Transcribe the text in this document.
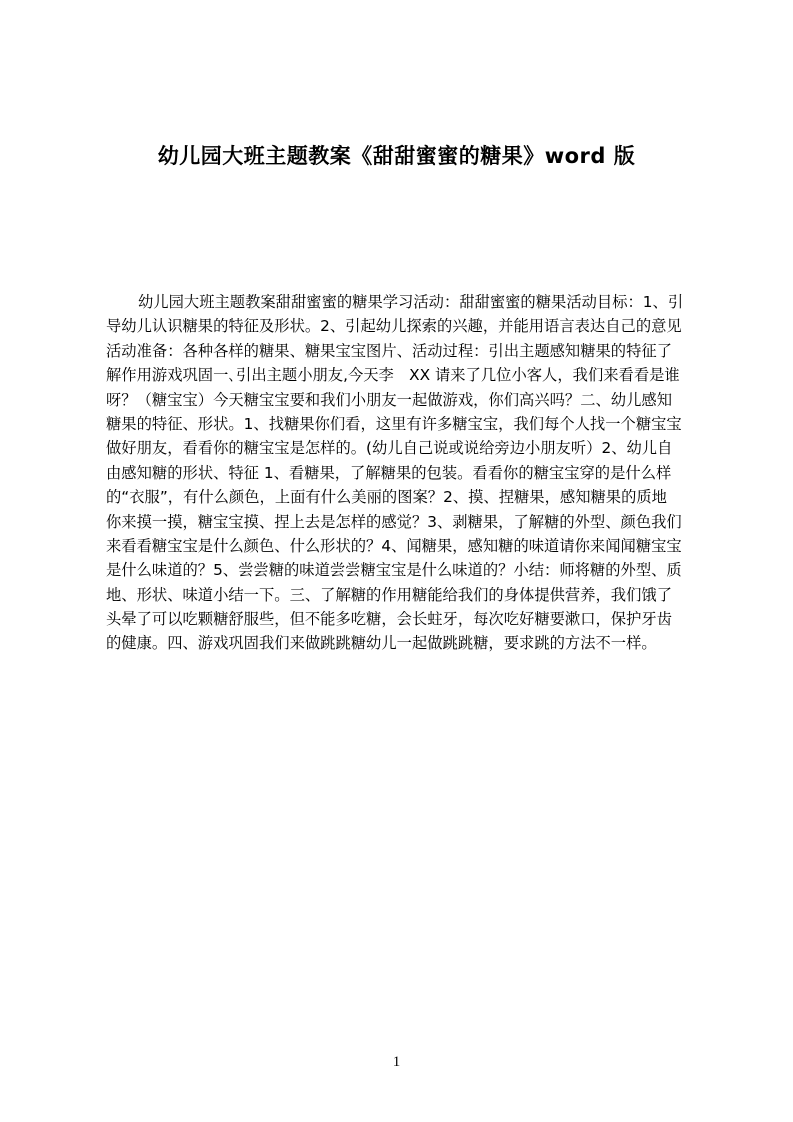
幼儿园大班主题教案《甜甜蜜蜜的糖果》word 版
幼儿园大班主题教案甜甜蜜蜜的糖果学习活动：甜甜蜜蜜的糖果活动目标：1、引
导幼儿认识糖果的特征及形状。2、引起幼儿探索的兴趣，并能用语言表达自己的意见
活动准备：各种各样的糖果、糖果宝宝图片、活动过程：引出主题感知糖果的特征了
解作用游戏巩固一､引出主题小朋友,今天李　XX 请来了几位小客人，我们来看看是谁
呀？（糖宝宝）今天糖宝宝要和我们小朋友一起做游戏，你们高兴吗？二、幼儿感知
糖果的特征、形状。1、找糖果你们看，这里有许多糖宝宝，我们每个人找一个糖宝宝
做好朋友，看看你的糖宝宝是怎样的。(幼儿自己说或说给旁边小朋友听）2、幼儿自
由感知糖的形状、特征 1、看糖果，了解糖果的包装。看看你的糖宝宝穿的是什么样
的“衣服”，有什么颜色，上面有什么美丽的图案？2、摸、捏糖果，感知糖果的质地
你来摸一摸，糖宝宝摸、捏上去是怎样的感觉？3、剥糖果，了解糖的外型、颜色我们
来看看糖宝宝是什么颜色、什么形状的？4、闻糖果，感知糖的味道请你来闻闻糖宝宝
是什么味道的？5、尝尝糖的味道尝尝糖宝宝是什么味道的？小结：师将糖的外型、质
地、形状、味道小结一下。三、了解糖的作用糖能给我们的身体提供营养，我们饿了
头晕了可以吃颗糖舒服些，但不能多吃糖，会长蛀牙，每次吃好糖要漱口，保护牙齿
的健康。四、游戏巩固我们来做跳跳糖幼儿一起做跳跳糖，要求跳的方法不一样。
1
